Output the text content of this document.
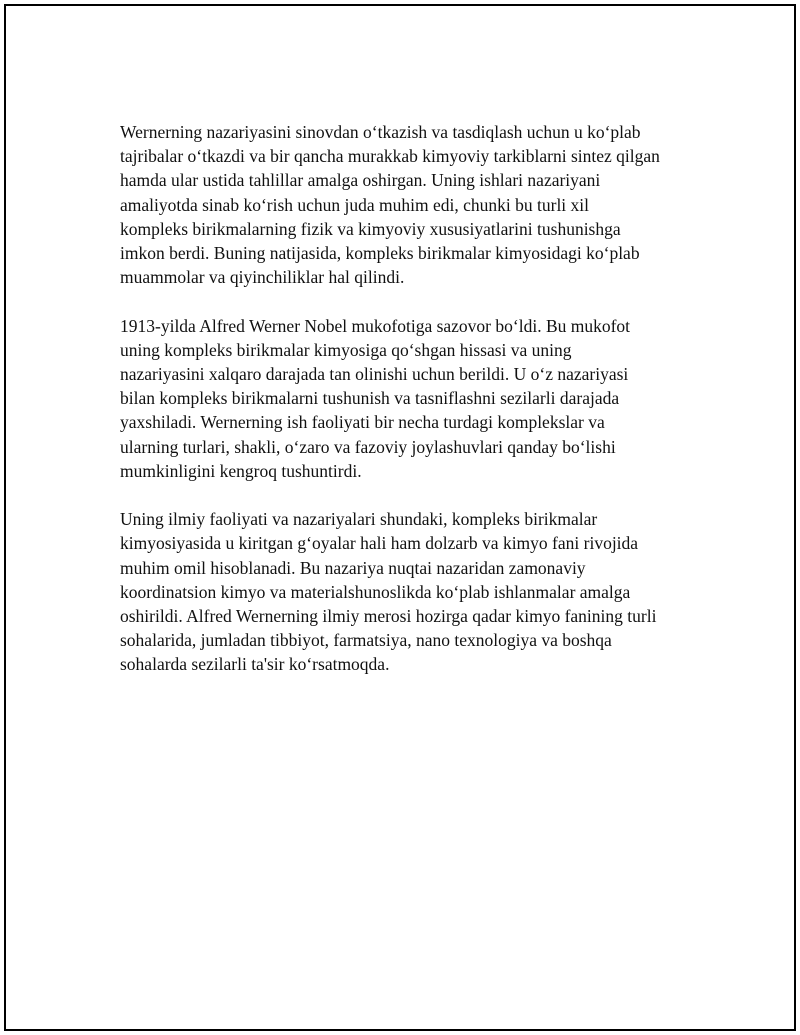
Wernerning nazariyasini sinovdan oʻtkazish va tasdiqlash uchun u koʻplab
tajribalar oʻtkazdi va bir qancha murakkab kimyoviy tarkiblarni sintez qilgan
hamda ular ustida tahlillar amalga oshirgan. Uning ishlari nazariyani
amaliyotda sinab koʻrish uchun juda muhim edi, chunki bu turli xil
kompleks birikmalarning fizik va kimyoviy xususiyatlarini tushunishga
imkon berdi. Buning natijasida, kompleks birikmalar kimyosidagi koʻplab
muammolar va qiyinchiliklar hal qilindi.

1913-yilda Alfred Werner Nobel mukofotiga sazovor boʻldi. Bu mukofot
uning kompleks birikmalar kimyosiga qoʻshgan hissasi va uning
nazariyasini xalqaro darajada tan olinishi uchun berildi. U oʻz nazariyasi
bilan kompleks birikmalarni tushunish va tasniflashni sezilarli darajada
yaxshiladi. Wernerning ish faoliyati bir necha turdagi komplekslar va
ularning turlari, shakli, oʻzaro va fazoviy joylashuvlari qanday boʻlishi
mumkinligini kengroq tushuntirdi.

Uning ilmiy faoliyati va nazariyalari shundaki, kompleks birikmalar
kimyosiyasida u kiritgan gʻoyalar hali ham dolzarb va kimyo fani rivojida
muhim omil hisoblanadi. Bu nazariya nuqtai nazaridan zamonaviy
koordinatsion kimyo va materialshunoslikda koʻplab ishlanmalar amalga
oshirildi. Alfred Wernerning ilmiy merosi hozirga qadar kimyo fanining turli
sohalarida, jumladan tibbiyot, farmatsiya, nano texnologiya va boshqa
sohalarda sezilarli ta'sir koʻrsatmoqda.
